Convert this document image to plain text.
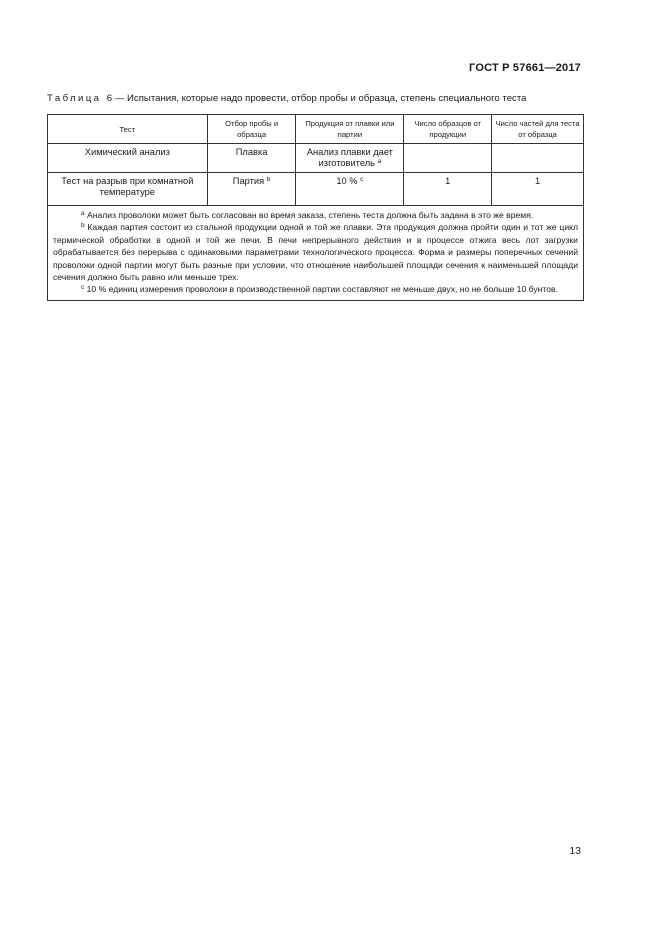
ГОСТ Р 57661—2017
Таблица 6 — Испытания, которые надо провести, отбор пробы и образца, степень специального теста
Тест	Отбор пробы и образца	Продукция от плавки или партии	Число образцов от продукции	Число частей для теста от образца
Химический анализ	Плавка	Анализ плавки дает изготовитель $^a$		
Тест на разрыв при комнатной температуре	Партия $^b$	10 % $^c$	1	1

$^a$ Анализ проволоки может быть согласован во время заказа, степень теста должна быть задана в это же время.
$^b$ Каждая партия состоит из стальной продукции одной и той же плавки. Эта продукция должна пройти один и тот же цикл термической обработки в одной и той же печи. В печи непрерывного действия и в процессе отжига весь лот загрузки обрабатывается без перерыва с одинаковыми параметрами технологического процесса. Форма и размеры поперечных сечений проволоки одной партии могут быть разные при условии, что отношение наибольшей площади сечения к наименьшей площади сечения должно быть равно или меньше трех.
$^c$ 10 % единиц измерения проволоки в производственной партии составляют не меньше двух, но не больше 10 бунтов.				
13
